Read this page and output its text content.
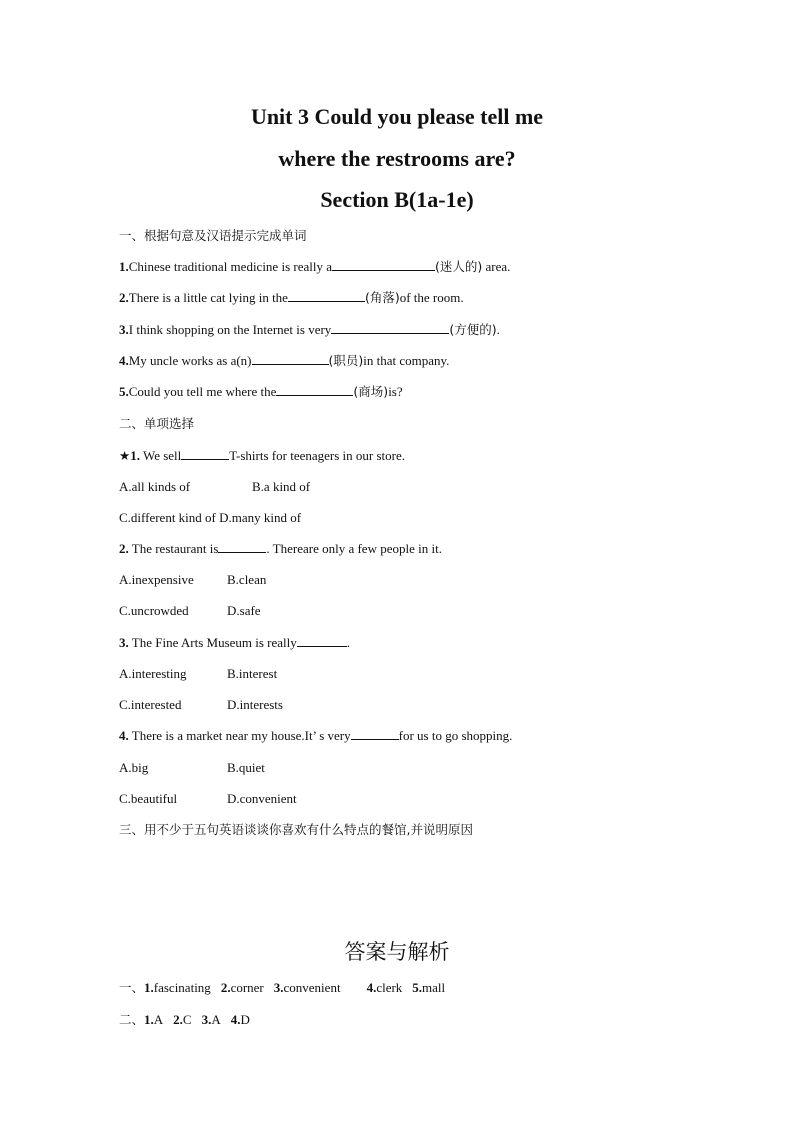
Unit 3 Could you please tell me
where the restrooms are?
Section B(1a-1e)
一、根据句意及汉语提示完成单词
1.Chinese traditional medicine is really a	(迷人的) area.
2.There is a little cat lying in the	(角落)of the room.
3.I think shopping on the Internet is very	(方便的).
4.My uncle works as a(n)	(职员)in that company.
5.Could you tell me where the	(商场)is?
二、单项选择
★1. We sell	T-shirts for teenagers in our store.
A.all kinds of	B.a kind of
C.different kind of D.many kind of
2. The restaurant is	. Thereare only a few people in it.
A.inexpensive	B.clean
C.uncrowded	D.safe
3. The Fine Arts Museum is really	.
A.interesting	B.interest
C.interested	D.interests
4. There is a market near my house.It’ s very	for us to go shopping.
A.big	B.quiet
C.beautiful	D.convenient
三、用不少于五句英语谈谈你喜欢有什么特点的餐馆,并说明原因
答案与解析
一、1.fascinating 2.corner 3.convenient 4.clerk 5.mall
二、1.A 2.C 3.A 4.D
